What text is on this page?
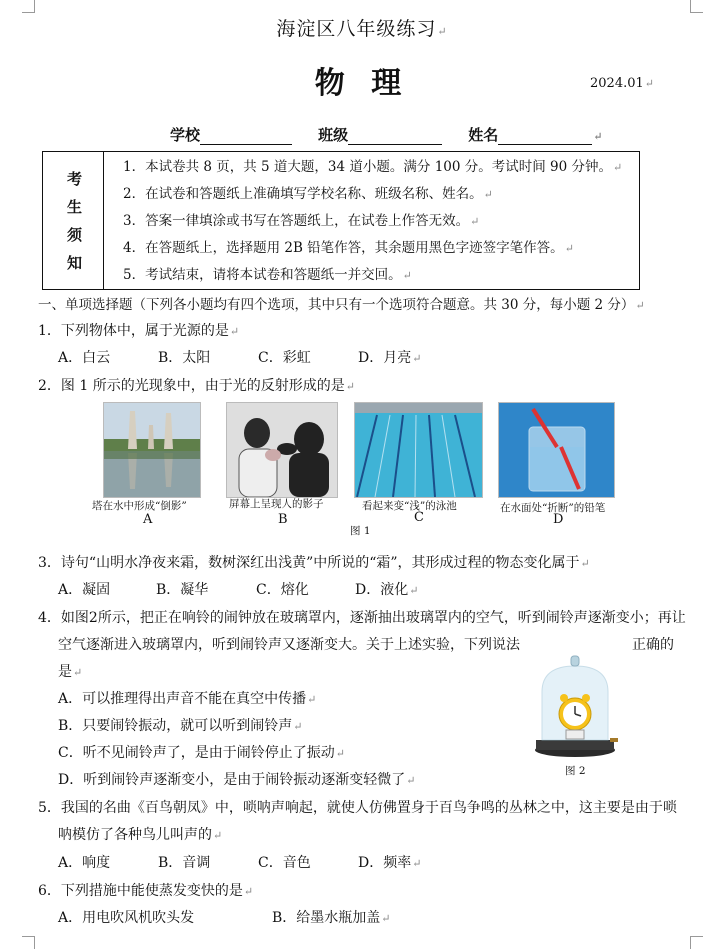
海淀区八年级练习↵
物 理	2024.01↵
学校	班级	姓名	↵
考
生
须
知
1．本试卷共 8 页，共 5 道大题，34 道小题。满分 100 分。考试时间 90 分钟。↵
2．在试卷和答题纸上准确填写学校名称、班级名称、姓名。↵
3．答案一律填涂或书写在答题纸上，在试卷上作答无效。↵
4．在答题纸上，选择题用 2B 铅笔作答，其余题用黑色字迹签字笔作答。↵
5．考试结束，请将本试卷和答题纸一并交回。↵
一、单项选择题（下列各小题均有四个选项，其中只有一个选项符合题意。共 30 分，每小题 2 分）↵
1．下列物体中，属于光源的是↵
A．白云	B．太阳	C．彩虹	D．月亮↵
2．图 1 所示的光现象中，由于光的反射形成的是↵
塔在水中形成“倒影”	屏幕上呈现人的影子	看起来变“浅”的泳池	在水面处“折断”的铅笔
A	B	C	D
图 1
3．诗句“山明水净夜来霜，数树深红出浅黄”中所说的“霜”，其形成过程的物态变化属于↵
A．凝固	B．凝华	C．熔化	D．液化↵
4．如图2所示，把正在响铃的闹钟放在玻璃罩内，逐渐抽出玻璃罩内的空气，听到闹铃声逐渐变小；再让
空气逐渐进入玻璃罩内，听到闹铃声又逐渐变大。关于上述实验，下列说法	正确的
是↵
A．可以推理得出声音不能在真空中传播↵
B．只要闹铃振动，就可以听到闹铃声↵
C．听不见闹铃声了，是由于闹铃停止了振动↵
D．听到闹铃声逐渐变小，是由于闹铃振动逐渐变轻微了↵
图 2
5．我国的名曲《百鸟朝凤》中，唢呐声响起，就使人仿佛置身于百鸟争鸣的丛林之中，这主要是由于唢
呐模仿了各种鸟儿叫声的↵
A．响度	B．音调	C．音色	D．频率↵
6．下列措施中能使蒸发变快的是↵
A．用电吹风机吹头发	B．给墨水瓶加盖↵
